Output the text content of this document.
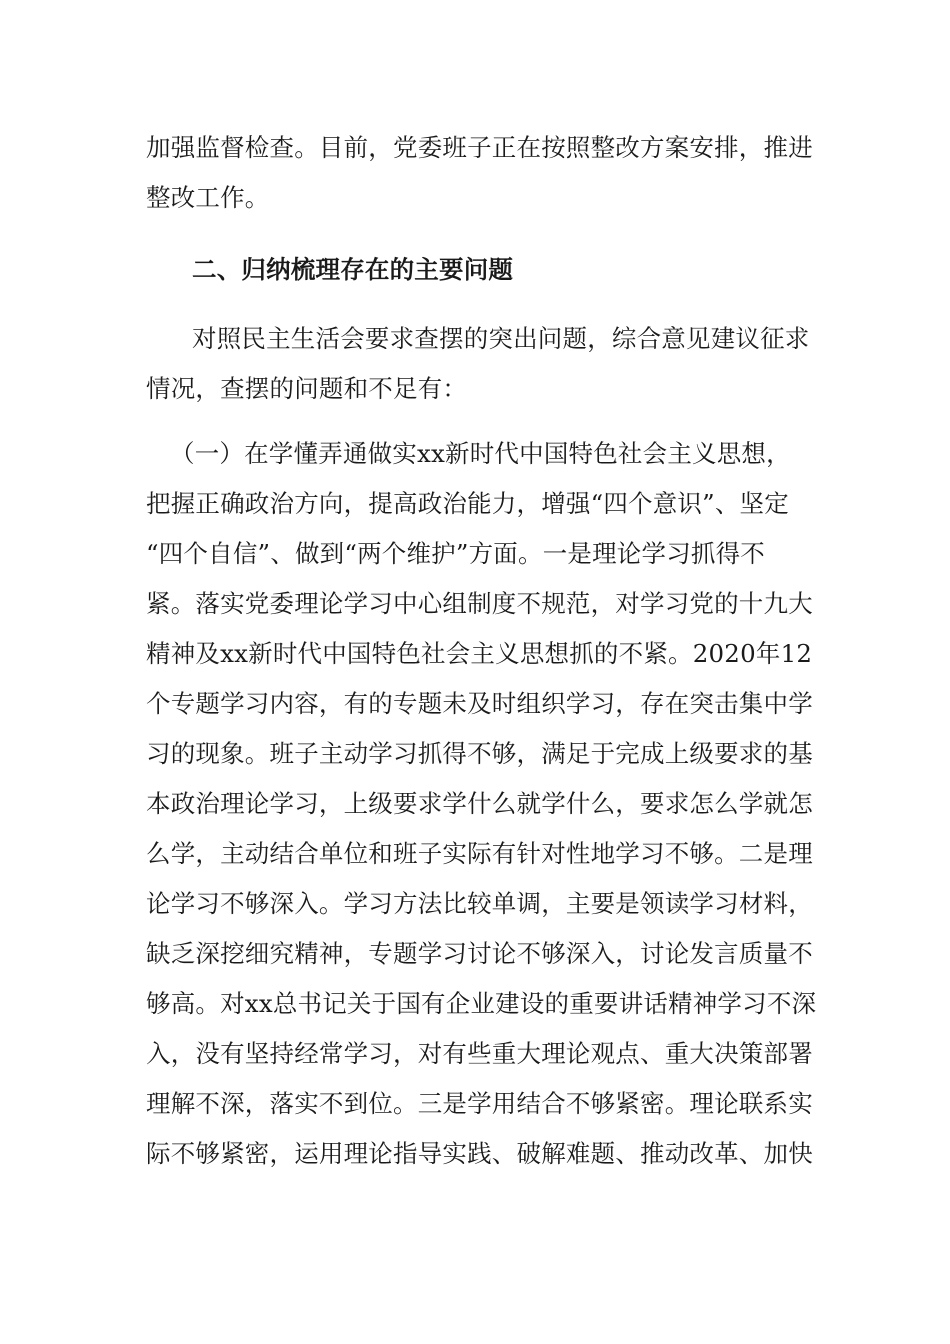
加强监督检查。目前，党委班子正在按照整改方案安排，推进
整改工作。
二、归纳梳理存在的主要问题
对照民主生活会要求查摆的突出问题，综合意见建议征求
情况，查摆的问题和不足有：
（一）在学懂弄通做实xx新时代中国特色社会主义思想，
把握正确政治方向，提高政治能力，增强“四个意识”、坚定
“四个自信”、做到“两个维护”方面。一是理论学习抓得不
紧。落实党委理论学习中心组制度不规范，对学习党的十九大
精神及xx新时代中国特色社会主义思想抓的不紧。2020年12
个专题学习内容，有的专题未及时组织学习，存在突击集中学
习的现象。班子主动学习抓得不够，满足于完成上级要求的基
本政治理论学习，上级要求学什么就学什么，要求怎么学就怎
么学，主动结合单位和班子实际有针对性地学习不够。二是理
论学习不够深入。学习方法比较单调，主要是领读学习材料，
缺乏深挖细究精神，专题学习讨论不够深入，讨论发言质量不
够高。对xx总书记关于国有企业建设的重要讲话精神学习不深
入，没有坚持经常学习，对有些重大理论观点、重大决策部署
理解不深，落实不到位。三是学用结合不够紧密。理论联系实
际不够紧密，运用理论指导实践、破解难题、推动改革、加快
